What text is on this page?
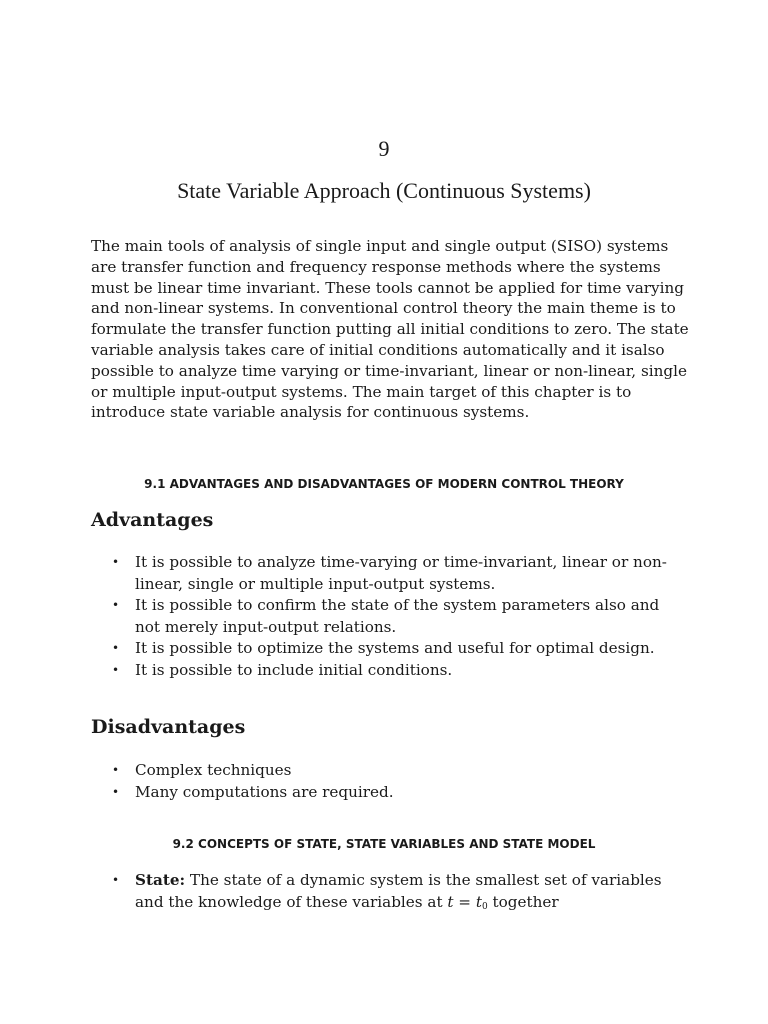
9
State Variable Approach (Continuous Systems)

The main tools of analysis of single input and single output (SISO) systems are transfer function and frequency response methods where the systems must be linear time invariant. These tools cannot be applied for time varying and non-linear systems. In conventional control theory the main theme is to formulate the transfer function putting all initial conditions to zero. The state variable analysis takes care of initial conditions automatically and it isalso possible to analyze time varying or time-invariant, linear or non-linear, single or multiple input-output systems. The main target of this chapter is to introduce state variable analysis for continuous systems.

9.1 ADVANTAGES AND DISADVANTAGES OF MODERN CONTROL THEORY
Advantages
• It is possible to analyze time-varying or time-invariant, linear or non-linear, single or multiple input-output systems.
• It is possible to confirm the state of the system parameters also and not merely input-output relations.
• It is possible to optimize the systems and useful for optimal design.
• It is possible to include initial conditions.
Disadvantages
• Complex techniques
• Many computations are required.
9.2 CONCEPTS OF STATE, STATE VARIABLES AND STATE MODEL
• State: The state of a dynamic system is the smallest set of variables and the knowledge of these variables at t = t0 together
